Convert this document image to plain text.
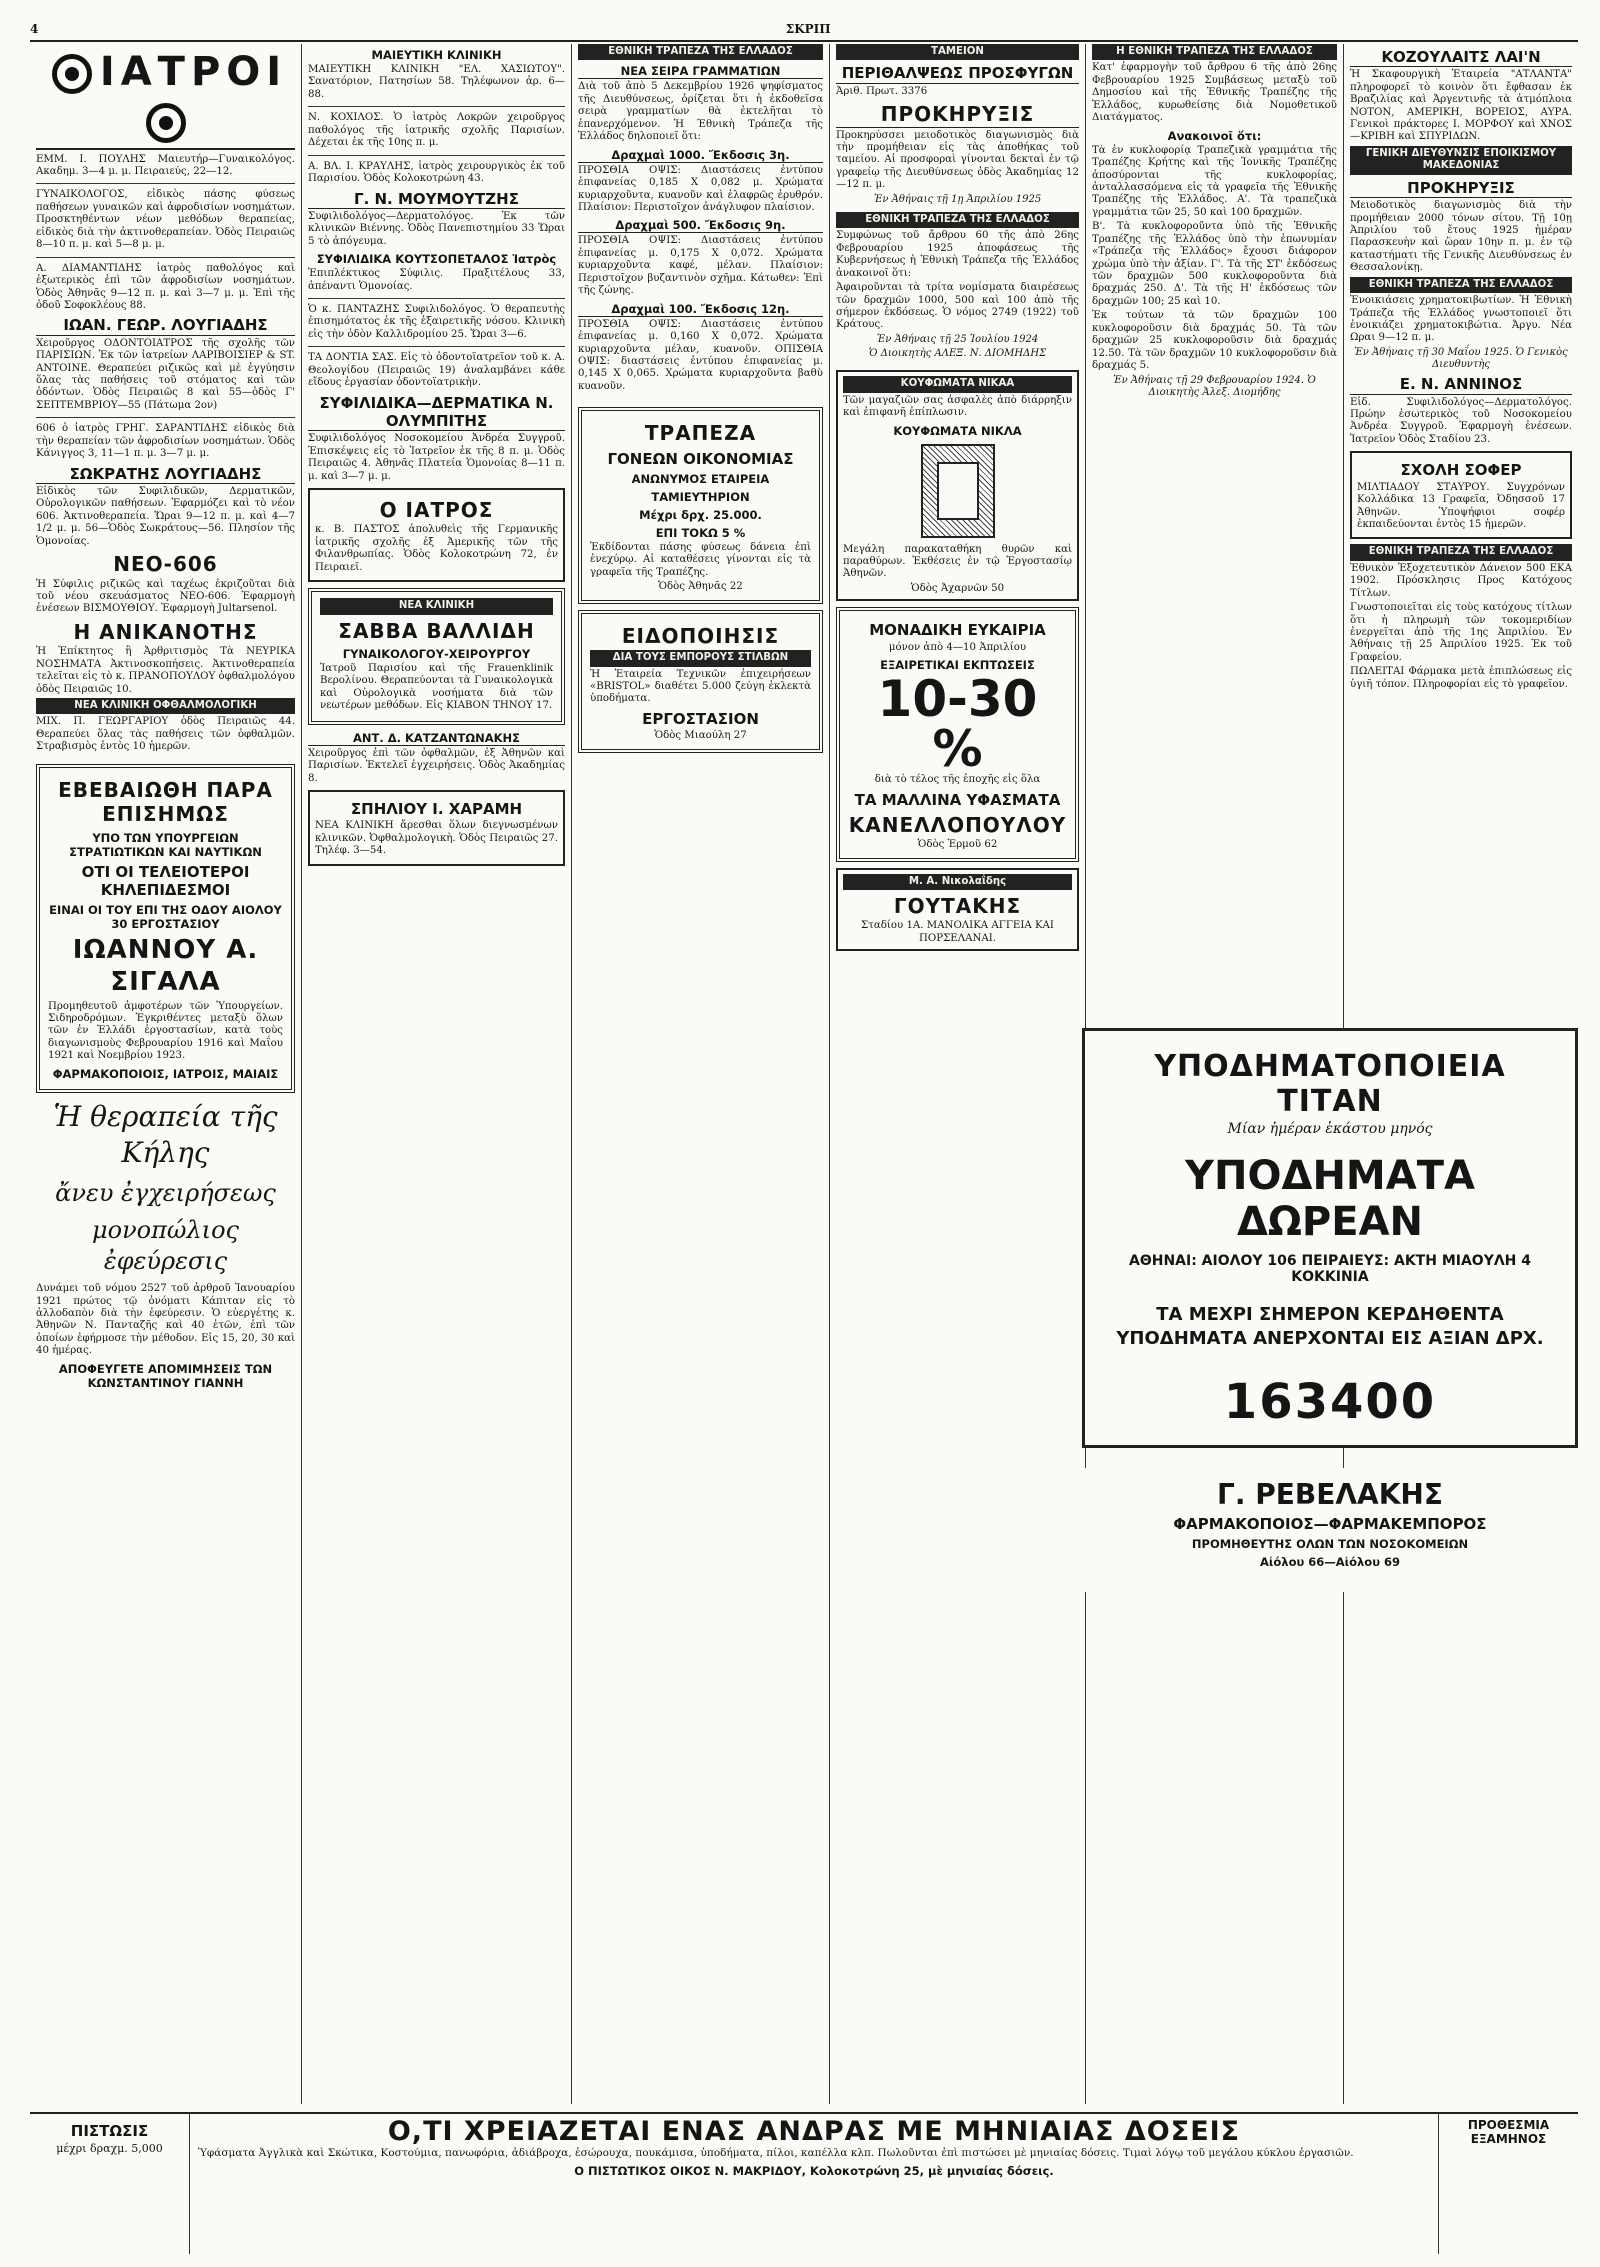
4	ΣΚΡΙΠ
ΙΑΤΡΟΙ

ΕΜΜ. Ι. ΠΟΥΛΗΣ Μαιευτήρ—Γυναικολόγος. Ακαδημ. 3—4 μ. μ. Πειραιεύς, 22—12.

ΓΥΝΑΙΚΟΛΟΓΟΣ, εἰδικὸς πάσης φύσεως παθήσεων γυναικῶν καὶ ἀφροδισίων νοσημάτων. Προσκτηθέντων νέων μεθόδων θεραπείας, εἰδικὸς διὰ τὴν ἀκτινοθεραπείαν. Ὁδὸς Πειραιῶς 8—10 π. μ. καὶ 5—8 μ. μ.

Α. ΔΙΑΜΑΝΤΙΔΗΣ ἰατρὸς παθολόγος καὶ ἐξωτερικὸς ἐπὶ τῶν ἀφροδισίων νοσημάτων. Ὁδὸς Ἀθηνᾶς 9—12 π. μ. καὶ 3—7 μ. μ. Ἐπὶ τῆς ὁδοῦ Σοφοκλέους 88.

ΙΩΑΝ. ΓΕΩΡ. ΛΟΥΓΙΑΔΗΣ

Χειροῦργος ΟΔΟΝΤΟΙΑΤΡΟΣ τῆς σχολῆς τῶν ΠΑΡΙΣΙΩΝ. Ἐκ τῶν ἰατρείων ΛΑΡΙΒΟΙΣΙΕΡ & ST. ANTOINE. Θεραπεύει ριζικῶς καὶ μὲ ἐγγύησιν ὅλας τὰς παθήσεις τοῦ στόματος καὶ τῶν ὀδόντων. Ὁδὸς Πειραιῶς 8 καὶ 55—ὁδὸς Γ' ΣΕΠΤΕΜΒΡΙΟΥ—55 (Πάτωμα 2ον)

606 ὁ ἰατρὸς ΓΡΗΓ. ΣΑΡΑΝΤΙΔΗΣ εἰδικὸς διὰ τὴν θεραπείαν τῶν ἀφροδισίων νοσημάτων. Ὁδὸς Κάνιγγος 3, 11—1 π. μ. 3—7 μ. μ.

ΣΩΚΡΑΤΗΣ ΛΟΥΓΙΑΔΗΣ

Εἰδικὸς τῶν Συφιλιδικῶν, Δερματικῶν, Οὐρολογικῶν παθήσεων. Ἐφαρμόζει καὶ τὸ νέον 606. Ἀκτινοθεραπεία. Ὥραι 9—12 π. μ. καὶ 4—7 1/2 μ. μ. 56—Ὁδὸς Σωκράτους—56. Πλησίον τῆς Ὁμονοίας.

ΝΕΟ-606

Ἡ Σύφιλις ριζικῶς καὶ ταχέως ἐκριζοῦται διὰ τοῦ νέου σκευάσματος ΝΕΟ-606. Ἐφαρμογὴ ἐνέσεων ΒΙΣΜΟΥΘΙΟΥ. Ἐφαρμογὴ Jultarsenol.

Η ΑΝΙΚΑΝΟΤΗΣ

Ἡ Ἐπίκτητος ἢ Ἀρθριτισμὸς Τὰ ΝΕΥΡΙΚΑ ΝΟΣΗΜΑΤΑ Ἀκτινοσκοπήσεις. Ἀκτινοθεραπεία τελεῖται εἰς τὸ κ. ΠΡΑΝΟΠΟΥΛΟΥ ὀφθαλμολόγου ὁδὸς Πειραιῶς 10.

ΝΕΑ ΚΛΙΝΙΚΗ ΟΦΘΑΛΜΟΛΟΓΙΚΗ

ΜΙΧ. Π. ΓΕΩΡΓΑΡΙΟΥ ὁδὸς Πειραιῶς 44. Θεραπεύει ὅλας τὰς παθήσεις τῶν ὀφθαλμῶν. Στραβισμὸς ἐντὸς 10 ἡμερῶν.

ΕΒΕΒΑΙΩΘΗ ΠΑΡΑ ΕΠΙΣΗΜΩΣ
ΥΠΟ ΤΩΝ ΥΠΟΥΡΓΕΙΩΝ ΣΤΡΑΤΙΩΤΙΚΩΝ ΚΑΙ ΝΑΥΤΙΚΩΝ
ΟΤΙ ΟΙ ΤΕΛΕΙΟΤΕΡΟΙ ΚΗΛΕΠΙΔΕΣΜΟΙ
ΕΙΝΑΙ ΟΙ ΤΟΥ ΕΠΙ ΤΗΣ ΟΔΟΥ ΑΙΟΛΟΥ 30 ΕΡΓΟΣΤΑΣΙΟΥ
ΙΩΑΝΝΟΥ Α. ΣΙΓΑΛΑ

Προμηθευτοῦ ἀμφοτέρων τῶν Ὑπουργείων. Σιδηροδρόμων. Ἐγκριθέντες μεταξὺ ὅλων τῶν ἐν Ἑλλάδι ἐργοστασίων, κατὰ τοὺς διαγωνισμοὺς Φεβρουαρίου 1916 καὶ Μαΐου 1921 καὶ Νοεμβρίου 1923.

ΦΑΡΜΑΚΟΠΟΙΟΙΣ, ΙΑΤΡΟΙΣ, ΜΑΙΑΙΣ
Ἡ θεραπεία τῆς Κήλης
ἄνευ ἐγχειρήσεως
μονοπώλιος ἐφεύρεσις

Δυνάμει τοῦ νόμου 2527 τοῦ ἀρθροῦ Ἰανουαρίου 1921 πρώτος τῷ ὀνόματι Κάπιταν εἰς τὸ ἀλλοδαπὸν διὰ τὴν ἐφεύρεσιν. Ὁ εὐεργέτης κ. Ἀθηνῶν Ν. Πανταζῆς καὶ 40 ἐτῶν, ἐπὶ τῶν ὁποίων ἐφήρμοσε τὴν μέθοδον. Εἰς 15, 20, 30 καὶ 40 ἡμέρας.

ΑΠΟΦΕΥΓΕΤΕ ΑΠΟΜΙΜΗΣΕΙΣ ΤΩΝ ΚΩΝΣΤΑΝΤΙΝΟΥ ΓΙΑΝΝΗ
ΜΑΙΕΥΤΙΚΗ ΚΛΙΝΙΚΗ

ΜΑΙΕΥΤΙΚΗ ΚΛΙΝΙΚΗ "ΕΛ. ΧΑΣΙΩΤΟΥ". Σανατόριον, Πατησίων 58. Τηλέφωνον ἀρ. 6—88.

Ν. ΚΟΧΙΛΟΣ. Ὁ ἰατρὸς Λοκρῶν χειροῦργος παθολόγος τῆς ἰατρικῆς σχολῆς Παρισίων. Δέχεται ἐκ τῆς 10ης π. μ.

Α. ΒΛ. Ι. ΚΡΑΥΛΗΣ, ἰατρὸς χειρουργικὸς ἐκ τοῦ Παρισίου. Ὁδὸς Κολοκοτρώνη 43.

Γ. Ν. ΜΟΥΜΟΥΤΖΗΣ

Συφιλιδολόγος—Δερματολόγος. Ἐκ τῶν κλινικῶν Βιέννης. Ὁδὸς Πανεπιστημίου 33 Ὥραι 5 τὸ ἀπόγευμα.

ΣΥΦΙΛΙΔΙΚΑ ΚΟΥΤΣΟΠΕΤΑΛΟΣ Ἰατρὸς

Ἐπιπλέκτικος Σύφιλις. Πραξιτέλους 33, ἀπέναντι Ὁμονοίας.

Ὁ κ. ΠΑΝΤΑΖΗΣ Συφιλιδολόγος. Ὁ θεραπευτὴς ἐπισημότατος ἐκ τῆς ἐξαιρετικῆς νόσου. Κλινικὴ εἰς τὴν ὁδὸν Καλλιδρομίου 25. Ὥραι 3—6.

ΤΑ ΔΟΝΤΙΑ ΣΑΣ. Εἰς τὸ ὀδοντοϊατρεῖον τοῦ κ. Α. Θεολογίδου (Πειραιῶς 19) ἀναλαμβάνει κάθε εἴδους ἐργασίαν ὀδοντοϊατρικὴν.

ΣΥΦΙΛΙΔΙΚΑ—ΔΕΡΜΑΤΙΚΑ Ν. ΟΛΥΜΠΙΤΗΣ

Συφιλιδολόγος Νοσοκομείου Ἀνδρέα Συγγροῦ. Ἐπισκέψεις εἰς τὸ Ἰατρεῖον ἐκ τῆς 8 π. μ. Ὁδὸς Πειραιῶς 4. Ἀθηνᾶς Πλατεία Ὁμονοίας 8—11 π. μ. καὶ 3—7 μ. μ.

Ο ΙΑΤΡΟΣ

κ. Β. ΠΑΣΤΟΣ ἀπολυθεὶς τῆς Γερμανικῆς ἰατρικῆς σχολῆς ἐξ Ἀμερικῆς τῶν τῆς Φιλανθρωπίας. Ὁδὸς Κολοκοτρώνη 72, ἐν Πειραιεῖ.

ΝΕΑ ΚΛΙΝΙΚΗ
ΣΑΒΒΑ ΒΑΛΛΙΔΗ
ΓΥΝΑΙΚΟΛΟΓΟΥ-ΧΕΙΡΟΥΡΓΟΥ

Ἰατροῦ Παρισίου καὶ τῆς Frauenklinik Βερολίνου. Θεραπεύονται τὰ Γυναικολογικὰ καὶ Οὐρολογικὰ νοσήματα διὰ τῶν νεωτέρων μεθόδων. Εἰς ΚΙΑΒΟΝ ΤΗΝΟΥ 17.

ΑΝΤ. Δ. ΚΑΤΖΑΝΤΩΝΑΚΗΣ

Χειροῦργος ἐπὶ τῶν ὀφθαλμῶν, ἐξ Ἀθηνῶν καὶ Παρισίων. Ἐκτελεῖ ἐγχειρήσεις. Ὁδὸς Ἀκαδημίας 8.

ΣΠΗΛΙΟΥ Ι. ΧΑΡΑΜΗ

ΝΕΑ ΚΛΙΝΙΚΗ ἄρεσθαι ὅλων διεγνωσμένων κλινικῶν. Ὀφθαλμολογικὴ. Ὁδὸς Πειραιῶς 27. Τηλέφ. 3—54.

ΕΘΝΙΚΗ ΤΡΑΠΕΖΑ ΤΗΣ ΕΛΛΑΔΟΣ
ΝΕΑ ΣΕΙΡΑ ΓΡΑΜΜΑΤΙΩΝ

Διὰ τοῦ ἀπὸ 5 Δεκεμβρίου 1926 ψηφίσματος τῆς Διευθύνσεως, ὀρίζεται ὅτι ἡ ἐκδοθεῖσα σειρὰ γραμματίων θὰ ἐκτελῆται τὸ ἐπανερχόμενον. Ἡ Ἐθνικὴ Τράπεζα τῆς Ἑλλάδος δηλοποιεῖ ὅτι:

Δραχμαὶ 1000. Ἔκδοσις 3η.

ΠΡΟΣΘΙΑ ΟΨΙΣ: Διαστάσεις ἐντύπου ἐπιφανείας 0,185 Χ 0,082 μ. Χρώματα κυριαρχοῦντα, κυανοῦν καὶ ἐλαφρῶς ἐρυθρόν. Πλαίσιον: Περιστοῖχον ἀνάγλυφον πλαίσιον.

Δραχμαὶ 500. Ἔκδοσις 9η.

ΠΡΟΣΘΙΑ ΟΨΙΣ: Διαστάσεις ἐντύπου ἐπιφανείας μ. 0,175 Χ 0,072. Χρώματα κυριαρχοῦντα καφέ, μέλαν. Πλαίσιον: Περιστοῖχον βυζαντινὸν σχῆμα. Κάτωθεν: Ἐπὶ τῆς ζώνης.

Δραχμαὶ 100. Ἔκδοσις 12η.

ΠΡΟΣΘΙΑ ΟΨΙΣ: Διαστάσεις ἐντύπου ἐπιφανείας μ. 0,160 Χ 0,072. Χρώματα κυριαρχοῦντα μέλαν, κυανοῦν. ΟΠΙΣΘΙΑ ΟΨΙΣ: διαστάσεις ἐντύπου ἐπιφανείας μ. 0,145 Χ 0,065. Χρώματα κυριαρχοῦντα βαθὺ κυανοῦν.

ΤΡΑΠΕΖΑ
ΓΟΝΕΩΝ ΟΙΚΟΝΟΜΙΑΣ
ΑΝΩΝΥΜΟΣ ΕΤΑΙΡΕΙΑ
ΤΑΜΙΕΥΤΗΡΙΟΝ
Μέχρι δρχ. 25.000.
ΕΠΙ ΤΟΚΩ 5 %

Ἐκδίδονται πάσης φύσεως δάνεια ἐπὶ ἐνεχύρῳ. Αἱ καταθέσεις γίνονται εἰς τὰ γραφεῖα τῆς Τραπέζης.

Ὁδὸς Ἀθηνᾶς 22
ΕΙΔΟΠΟΙΗΣΙΣ
ΔΙΑ ΤΟΥΣ ΕΜΠΟΡΟΥΣ ΣΤΙΛΒΩΝ

Ἡ Ἑταιρεία Τεχνικῶν ἐπιχειρήσεων «BRISTOL» διαθέτει 5.000 ζεύγη ἐκλεκτὰ ὑποδήματα.

ΕΡΓΟΣΤΑΣΙΟΝ
Ὁδὸς Μιαούλη 27
ΤΑΜΕΙΟΝ
ΠΕΡΙΘΑΛΨΕΩΣ ΠΡΟΣΦΥΓΩΝ

Ἀριθ. Πρωτ. 3376

ΠΡΟΚΗΡΥΞΙΣ

Προκηρύσσει μειοδοτικὸς διαγωνισμὸς διὰ τὴν προμήθειαν εἰς τὰς ἀποθήκας τοῦ ταμείου. Αἱ προσφοραὶ γίνονται δεκταὶ ἐν τῷ γραφείῳ τῆς Διευθύνσεως ὁδὸς Ἀκαδημίας 12—12 π. μ.

Ἐν Ἀθήναις τῇ 1ῃ Ἀπριλίου 1925

ΕΘΝΙΚΗ ΤΡΑΠΕΖΑ ΤΗΣ ΕΛΛΑΔΟΣ

Συμφώνως τοῦ ἄρθρου 60 τῆς ἀπὸ 26ης Φεβρουαρίου 1925 ἀποφάσεως τῆς Κυβερνήσεως ἡ Ἐθνικὴ Τράπεζα τῆς Ἑλλάδος ἀνακοινοῖ ὅτι:

Ἀφαιροῦνται τὰ τρίτα νομίσματα διαιρέσεως τῶν δραχμῶν 1000, 500 καὶ 100 ἀπὸ τῆς σήμερον ἐκδόσεως. Ὁ νόμος 2749 (1922) τοῦ Κράτους.

Ἐν Ἀθήναις τῇ 25 Ἰουλίου 1924

Ὁ Διοικητὴς ΑΛΕΞ. Ν. ΔΙΟΜΗΔΗΣ

ΚΟΥΦΩΜΑΤΑ ΝΙΚΑΑ

Τῶν μαγαζιῶν σας ἀσφαλὲς ἀπὸ διάρρηξιν καὶ ἐπιφανῆ ἐπίπλωσιν.

ΚΟΥΦΩΜΑΤΑ ΝΙΚΛΑ

Μεγάλη παρακαταθήκη θυρῶν καὶ παραθύρων. Ἐκθέσεις ἐν τῷ Ἐργοστασίῳ Ἀθηνῶν.

Ὁδὸς Ἀχαρνῶν 50
ΜΟΝΑΔΙΚΗ ΕΥΚΑΙΡΙΑ
μόνον ἀπὸ 4—10 Ἀπριλίου
ΕΞΑΙΡΕΤΙΚΑΙ ΕΚΠΤΩΣΕΙΣ
10-30 %
διὰ τὸ τέλος τῆς ἐποχῆς εἰς ὅλα
ΤΑ ΜΑΛΛΙΝΑ ΥΦΑΣΜΑΤΑ
ΚΑΝΕΛΛΟΠΟΥΛΟΥ
Ὁδὸς Ἑρμοῦ 62
Μ. Α. Νικολαΐδης
ΓΟΥΤΑΚΗΣ
Σταδίου 1Α. ΜΑΝΟΛΙΚΑ ΑΓΓΕΙΑ ΚΑΙ ΠΟΡΣΕΛΑΝΑΙ.
Η ΕΘΝΙΚΗ ΤΡΑΠΕΖΑ ΤΗΣ ΕΛΛΑΔΟΣ

Κατ' ἐφαρμογὴν τοῦ ἄρθρου 6 τῆς ἀπὸ 26ης Φεβρουαρίου 1925 Συμβάσεως μεταξὺ τοῦ Δημοσίου καὶ τῆς Ἐθνικῆς Τραπέζης τῆς Ἑλλάδος, κυρωθείσης διὰ Νομοθετικοῦ Διατάγματος.

Ανακοινοῖ ὅτι:

Τὰ ἐν κυκλοφορίᾳ Τραπεζικὰ γραμμάτια τῆς Τραπέζης Κρήτης καὶ τῆς Ἰονικῆς Τραπέζης ἀποσύρονται τῆς κυκλοφορίας, ἀνταλλασσόμενα εἰς τὰ γραφεῖα τῆς Ἐθνικῆς Τραπέζης τῆς Ἑλλάδος. Α'. Τὰ τραπεζικὰ γραμμάτια τῶν 25, 50 καὶ 100 δραχμῶν.

Β'. Τὰ κυκλοφοροῦντα ὑπὸ τῆς Ἐθνικῆς Τραπέζης τῆς Ἑλλάδος ὑπὸ τὴν ἐπωνυμίαν «Τράπεζα τῆς Ἑλλάδος» ἔχουσι διάφορον χρώμα ὑπὸ τὴν ἀξίαν. Γ'. Τὰ τῆς ΣΤ' ἐκδόσεως τῶν δραχμῶν 500 κυκλοφοροῦντα διὰ δραχμάς 250. Δ'. Τὰ τῆς Η' ἐκδόσεως τῶν δραχμῶν 100; 25 καὶ 10.

Ἐκ τούτων τὰ τῶν δραχμῶν 100 κυκλοφοροῦσιν διὰ δραχμάς 50. Τὰ τῶν δραχμῶν 25 κυκλοφοροῦσιν διὰ δραχμάς 12.50. Τὰ τῶν δραχμῶν 10 κυκλοφοροῦσιν διὰ δραχμάς 5.

Ἐν Ἀθήναις τῇ 29 Φεβρουαρίου 1924. Ὁ Διοικητὴς Ἀλεξ. Διομήδης

ΚΟΖΟΥΛΑΙΤΣ ΛΑΙ'Ν

Ἡ Σκαφουργικὴ Ἐταιρεία "ΑΤΛΑΝΤΑ" πληροφορεῖ τὸ κοινὸν ὅτι ἔφθασαν ἐκ Βραζιλίας καὶ Ἀργεντινῆς τὰ ἀτμόπλοια ΝΟΤΟΝ, ΑΜΕΡΙΚΗ, ΒΟΡΕΙΟΣ, ΑΥΡΑ. Γενικοὶ πράκτορες Ι. ΜΟΡΦΟΥ καὶ ΧΝΟΣ—ΚΡΙΒΗ καὶ ΣΠΥΡΙΔΩΝ.

ΓΕΝΙΚΗ ΔΙΕΥΘΥΝΣΙΣ ΕΠΟΙΚΙΣΜΟΥ ΜΑΚΕΔΟΝΙΑΣ
ΠΡΟΚΗΡΥΞΙΣ

Μειοδοτικὸς διαγωνισμὸς διὰ τὴν προμήθειαν 2000 τόνων σίτου. Τῇ 10ῃ Ἀπριλίου τοῦ ἔτους 1925 ἡμέραν Παρασκευὴν καὶ ὥραν 10ην π. μ. ἐν τῷ καταστήματι τῆς Γενικῆς Διευθύνσεως ἐν Θεσσαλονίκῃ.

ΕΘΝΙΚΗ ΤΡΑΠΕΖΑ ΤΗΣ ΕΛΛΑΔΟΣ

Ἐνοικιάσεις χρηματοκιβωτίων. Ἡ Ἐθνικὴ Τράπεζα τῆς Ἑλλάδος γνωστοποιεῖ ὅτι ἐνοικιάζει χρηματοκιβώτια. Ἀργυ. Νέα Ωραι 9—12 π. μ.

Ἐν Ἀθήναις τῇ 30 Μαΐου 1925. Ὁ Γενικὸς Διευθυντὴς

Ε. Ν. ΑΝΝΙΝΟΣ

Εἰδ. Συφιλιδολόγος—Δερματολόγος. Πρώην ἐσωτερικὸς τοῦ Νοσοκομείου Ἀνδρέα Συγγροῦ. Ἐφαρμογὴ ἐνέσεων. Ἰατρεῖον Ὁδὸς Σταδίου 23.

ΣΧΟΛΗ ΣΟΦΕΡ

ΜΙΛΤΙΑΔΟΥ ΣΤΑΥΡΟΥ. Συγχρόνων Κολλάδικα 13 Γραφεῖα, Ὀδησσοῦ 17 Ἀθηνῶν. Ὑποψήφιοι σοφέρ ἐκπαιδεύονται ἐντὸς 15 ἡμερῶν.

ΕΘΝΙΚΗ ΤΡΑΠΕΖΑ ΤΗΣ ΕΛΛΑΔΟΣ

Ἐθνικὸν Ἐξοχετευτικὸν Δάνειον 500 ΕΚΑ 1902. Πρόσκλησις Προς Κατόχους Τίτλων.

Γνωστοποιεῖται εἰς τοὺς κατόχους τίτλων ὅτι ἡ πληρωμὴ τῶν τοκομεριδίων ἐνεργεῖται ἀπὸ τῆς 1ης Ἀπριλίου. Ἐν Ἀθήναις τῇ 25 Ἀπριλίου 1925. Ἐκ τοῦ Γραφείου.

ΠΩΛΕΙΤΑΙ Φάρμακα μετὰ ἐπιπλώσεως εἰς ὑγιῆ τόπον. Πληροφορίαι εἰς τὸ γραφεῖον.

ΥΠΟΔΗΜΑΤΟΠΟΙΕΙΑ ΤΙΤΑΝ
Μίαν ἡμέραν ἑκάστου μηνός
ΥΠΟΔΗΜΑΤΑ ΔΩΡΕΑΝ
ΑΘΗΝΑΙ: ΑΙΟΛΟΥ 106 ΠΕΙΡΑΙΕΥΣ: ΑΚΤΗ ΜΙΑΟΥΛΗ 4 ΚΟΚΚΙΝΙΑ
ΤΑ ΜΕΧΡΙ ΣΗΜΕΡΟΝ ΚΕΡΔΗΘΕΝΤΑ ΥΠΟΔΗΜΑΤΑ ΑΝΕΡΧΟΝΤΑΙ ΕΙΣ ΑΞΙΑΝ ΔΡΧ.
163400
Γ. ΡΕΒΕΛΑΚΗΣ
ΦΑΡΜΑΚΟΠΟΙΟΣ—ΦΑΡΜΑΚΕΜΠΟΡΟΣ
ΠΡΟΜΗΘΕΥΤΗΣ ΟΛΩΝ ΤΩΝ ΝΟΣΟΚΟΜΕΙΩΝ
Αἰόλου 66—Αἰόλου 69
ΠΙΣΤΩΣΙΣ
μέχρι δραχμ. 5,000
Ο,ΤΙ ΧΡΕΙΑΖΕΤΑΙ ΕΝΑΣ ΑΝΔΡΑΣ ΜΕ ΜΗΝΙΑΙΑΣ ΔΟΣΕΙΣ
Ὑφάσματα Ἀγγλικὰ καὶ Σκώτικα, Κοστούμια, πανωφόρια, ἀδιάβροχα, ἐσώρουχα, πουκάμισα, ὑποδήματα, πίλοι, καπέλλα κλπ. Πωλοῦνται ἐπὶ πιστώσει μὲ μηνιαίας δόσεις. Τιμαὶ λόγῳ τοῦ μεγάλου κύκλου ἐργασιῶν.
Ο ΠΙΣΤΩΤΙΚΟΣ ΟΙΚΟΣ Ν. ΜΑΚΡΙΔΟΥ, Κολοκοτρώνη 25, μὲ μηνιαίας δόσεις.
ΠΡΟΘΕΣΜΙΑ
ΕΞΑΜΗΝΟΣ
